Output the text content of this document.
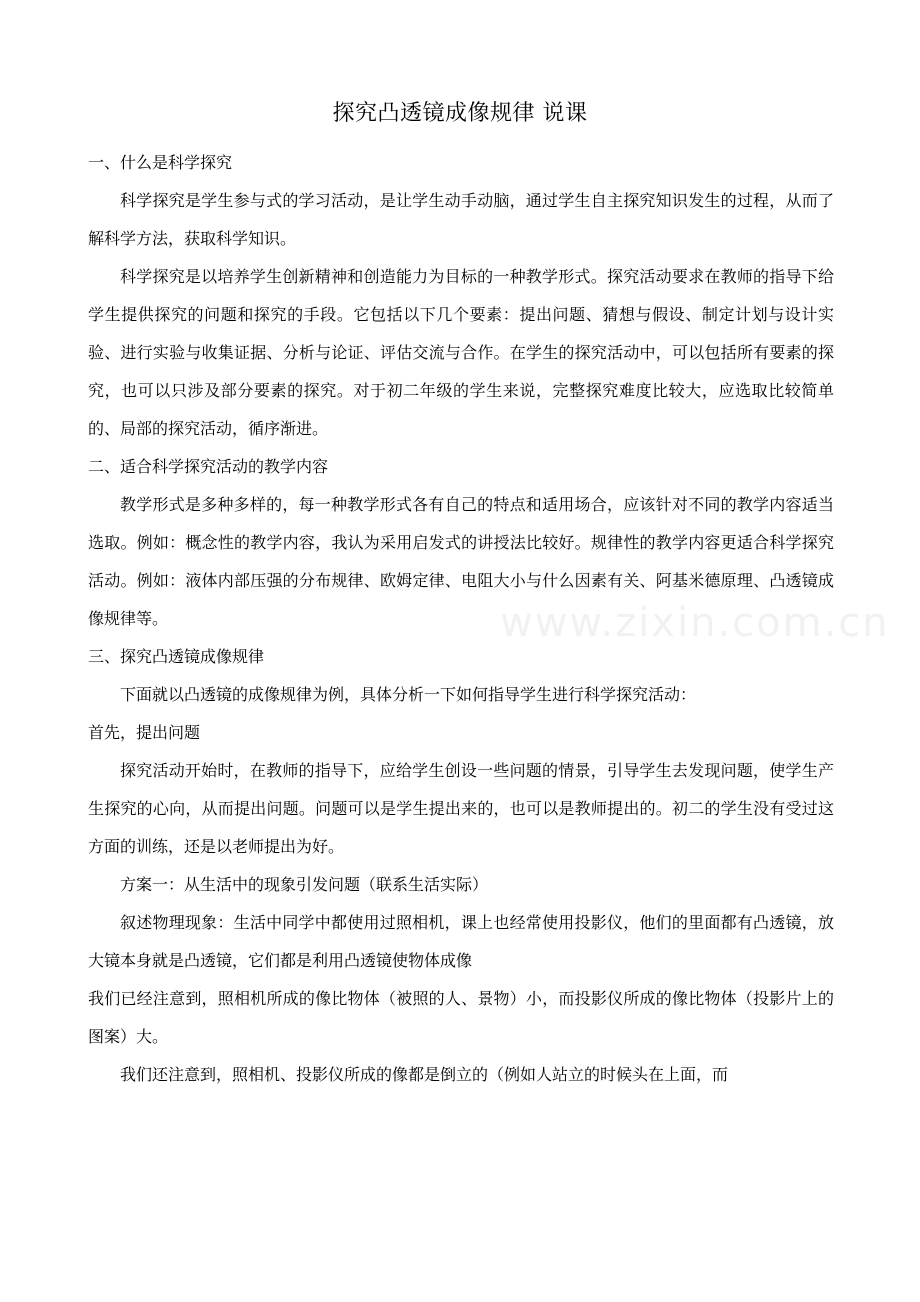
www.zixin.com.cn
探究凸透镜成像规律 说课

一、什么是科学探究

科学探究是学生参与式的学习活动，是让学生动手动脑，通过学生自主探究知识发生的过程，从而了解科学方法，获取科学知识。

科学探究是以培养学生创新精神和创造能力为目标的一种教学形式。探究活动要求在教师的指导下给学生提供探究的问题和探究的手段。它包括以下几个要素：提出问题、猜想与假设、制定计划与设计实验、进行实验与收集证据、分析与论证、评估交流与合作。在学生的探究活动中，可以包括所有要素的探究，也可以只涉及部分要素的探究。对于初二年级的学生来说，完整探究难度比较大，应选取比较简单的、局部的探究活动，循序渐进。

二、适合科学探究活动的教学内容

教学形式是多种多样的，每一种教学形式各有自己的特点和适用场合，应该针对不同的教学内容适当选取。例如：概念性的教学内容，我认为采用启发式的讲授法比较好。规律性的教学内容更适合科学探究活动。例如：液体内部压强的分布规律、欧姆定律、电阻大小与什么因素有关、阿基米德原理、凸透镜成像规律等。

三、探究凸透镜成像规律

下面就以凸透镜的成像规律为例，具体分析一下如何指导学生进行科学探究活动：

首先，提出问题

探究活动开始时，在教师的指导下，应给学生创设一些问题的情景，引导学生去发现问题，使学生产生探究的心向，从而提出问题。问题可以是学生提出来的，也可以是教师提出的。初二的学生没有受过这方面的训练，还是以老师提出为好。

方案一：从生活中的现象引发问题（联系生活实际）

叙述物理现象：生活中同学中都使用过照相机，课上也经常使用投影仪，他们的里面都有凸透镜，放大镜本身就是凸透镜，它们都是利用凸透镜使物体成像

我们已经注意到，照相机所成的像比物体（被照的人、景物）小，而投影仪所成的像比物体（投影片上的图案）大。

我们还注意到，照相机、投影仪所成的像都是倒立的（例如人站立的时候头在上面，而
